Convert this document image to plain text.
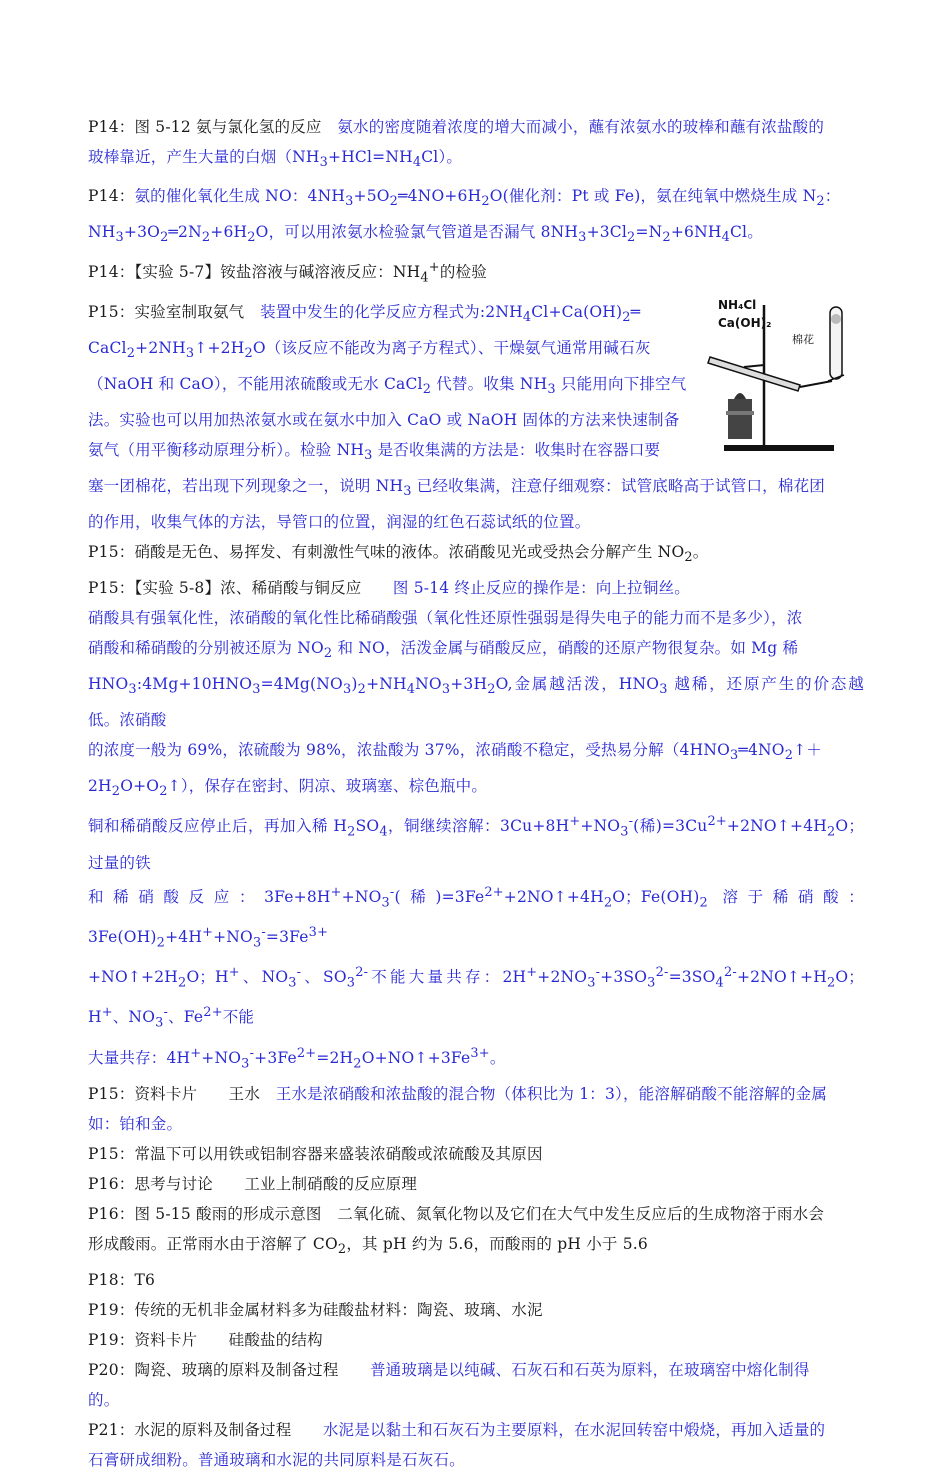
P14：图 5-12 氨与氯化氢的反应　氨水的密度随着浓度的增大而减小，蘸有浓氨水的玻棒和蘸有浓盐酸的
玻棒靠近，产生大量的白烟$(NH_3+HCl=NH_4Cl)$。

P14：氨的催化氧化生成 NO：$4NH_3+5O_2═4NO+6H_2O$(催化剂：Pt 或 Fe)，氨在纯氧中燃烧生成 $N_2$：
$NH_3+3O_2═2N_2+6H_2O$，可以用浓氨水检验氯气管道是否漏气 $8NH_3+3Cl_2=N_2+6NH_4Cl$。

P14：【实验 5-7】铵盐溶液与碱溶液反应：$NH_4^+$的检验

NH₄Cl
Ca(OH)₂
棉花

P15：实验室制取氨气　装置中发生的化学反应方程式为$:2NH_4Cl+Ca(OH)_2═$

$CaCl_2+2NH_3↑+2H_2O$（该反应不能改为离子方程式）、干燥氨气通常用碱石灰

（NaOH 和 CaO），不能用浓硫酸或无水 CaCl$_2$ 代替。收集 $NH_3$ 只能用向下排空气

法。实验也可以用加热浓氨水或在氨水中加入 CaO 或 NaOH 固体的方法来快速制备

氨气（用平衡移动原理分析）。检验 $NH_3$ 是否收集满的方法是：收集时在容器口要

塞一团棉花，若出现下列现象之一，说明 $NH_3$ 已经收集满，注意仔细观察：试管底略高于试管口，棉花团

的作用，收集气体的方法，导管口的位置，润湿的红色石蕊试纸的位置。

P15：硝酸是无色、易挥发、有刺激性气味的液体。浓硝酸见光或受热会分解产生 $NO_2$。

P15：【实验 5-8】浓、稀硝酸与铜反应　　图 5-14 终止反应的操作是：向上拉铜丝。

硝酸具有强氧化性，浓硝酸的氧化性比稀硝酸强（氧化性还原性强弱是得失电子的能力而不是多少），浓
硝酸和稀硝酸的分别被还原为 $NO_2$ 和 NO，活泼金属与硝酸反应，硝酸的还原产物很复杂。如 Mg 稀
$HNO_3:4Mg+10HNO_3=4Mg(NO_3)_2+NH_4NO_3+3H_2O$,金属越活泼，$HNO_3$ 越稀，还原产生的价态越低。浓硝酸
的浓度一般为 69%，浓硫酸为 98%，浓盐酸为 37%，浓硝酸不稳定，受热易分解（$4HNO_3═4NO_2↑+$
$2H_2O+O_2↑$），保存在密封、阴凉、玻璃塞、棕色瓶中。

铜和稀硝酸反应停止后，再加入稀 $H_2SO_4$，铜继续溶解：$3Cu+8H^++NO_3^-$(稀)$=3Cu^{2+}+2NO↑+4H_2O$；过量的铁
和稀硝酸反应：$3Fe+8H^++NO_3^-$(稀)$=3Fe^{2+}+2NO↑+4H_2O$；$Fe(OH)_2$ 溶于稀硝酸：$3Fe(OH)_2+4H^++NO_3^-=3Fe^{3+}$
$+NO↑+2H_2O$；H+、$NO_3^-$、$SO_3^{2-}$不能大量共存：$2H^++2NO_3^-+3SO_3^{2-}=3SO_4^{2-}+2NO↑+H_2O$；H+、$NO_3^-$、$Fe^{2+}$不能
大量共存：$4H^++NO_3^-+3Fe^{2+}=2H_2O+NO↑+3Fe^{3+}$。

P15：资料卡片　　王水　王水是浓硝酸和浓盐酸的混合物（体积比为 1：3），能溶解硝酸不能溶解的金属
如：铂和金。

P15：常温下可以用铁或铝制容器来盛装浓硝酸或浓硫酸及其原因

P16：思考与讨论　　工业上制硝酸的反应原理

P16：图 5-15 酸雨的形成示意图　二氧化硫、氮氧化物以及它们在大气中发生反应后的生成物溶于雨水会
形成酸雨。正常雨水由于溶解了 $CO_2$，其 pH 约为 5.6，而酸雨的 pH 小于 5.6

P18：T6

P19：传统的无机非金属材料多为硅酸盐材料：陶瓷、玻璃、水泥

P19：资料卡片　　硅酸盐的结构

P20：陶瓷、玻璃的原料及制备过程　　普通玻璃是以纯碱、石灰石和石英为原料，在玻璃窑中熔化制得
的。

P21：水泥的原料及制备过程　　水泥是以黏土和石灰石为主要原料，在水泥回转窑中煅烧，再加入适量的
石膏研成细粉。普通玻璃和水泥的共同原料是石灰石。
